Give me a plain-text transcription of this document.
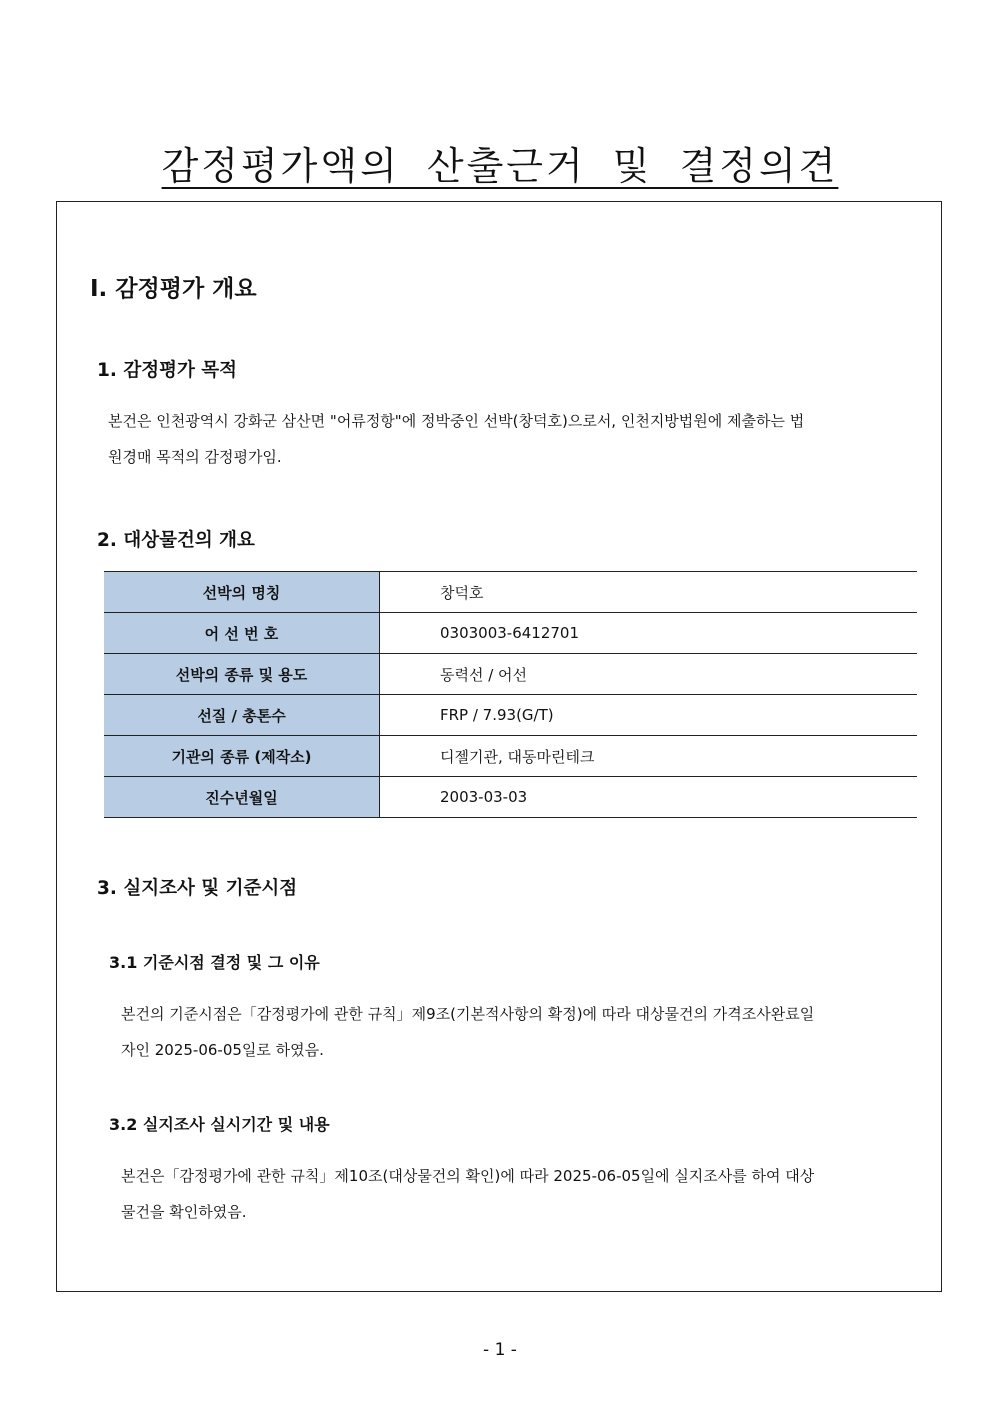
감정평가액의 산출근거 및 결정의견
Ⅰ. 감정평가 개요
1. 감정평가 목적
본건은 인천광역시 강화군 삼산면 "어류정항"에 정박중인 선박(창덕호)으로서, 인천지방법원에 제출하는 법
원경매 목적의 감정평가임.
2. 대상물건의 개요
선박의 명칭	창덕호
어 선 번 호	0303003-6412701
선박의 종류 및 용도	동력선 / 어선
선질 / 총톤수	FRP / 7.93(G/T)
기관의 종류 (제작소)	디젤기관, 대동마린테크
진수년월일	2003-03-03
3. 실지조사 및 기준시점
3.1 기준시점 결정 및 그 이유
본건의 기준시점은「감정평가에 관한 규칙」제9조(기본적사항의 확정)에 따라 대상물건의 가격조사완료일
자인 2025-06-05일로 하였음.
3.2 실지조사 실시기간 및 내용
본건은「감정평가에 관한 규칙」제10조(대상물건의 확인)에 따라 2025-06-05일에 실지조사를 하여 대상
물건을 확인하였음.
- 1 -
